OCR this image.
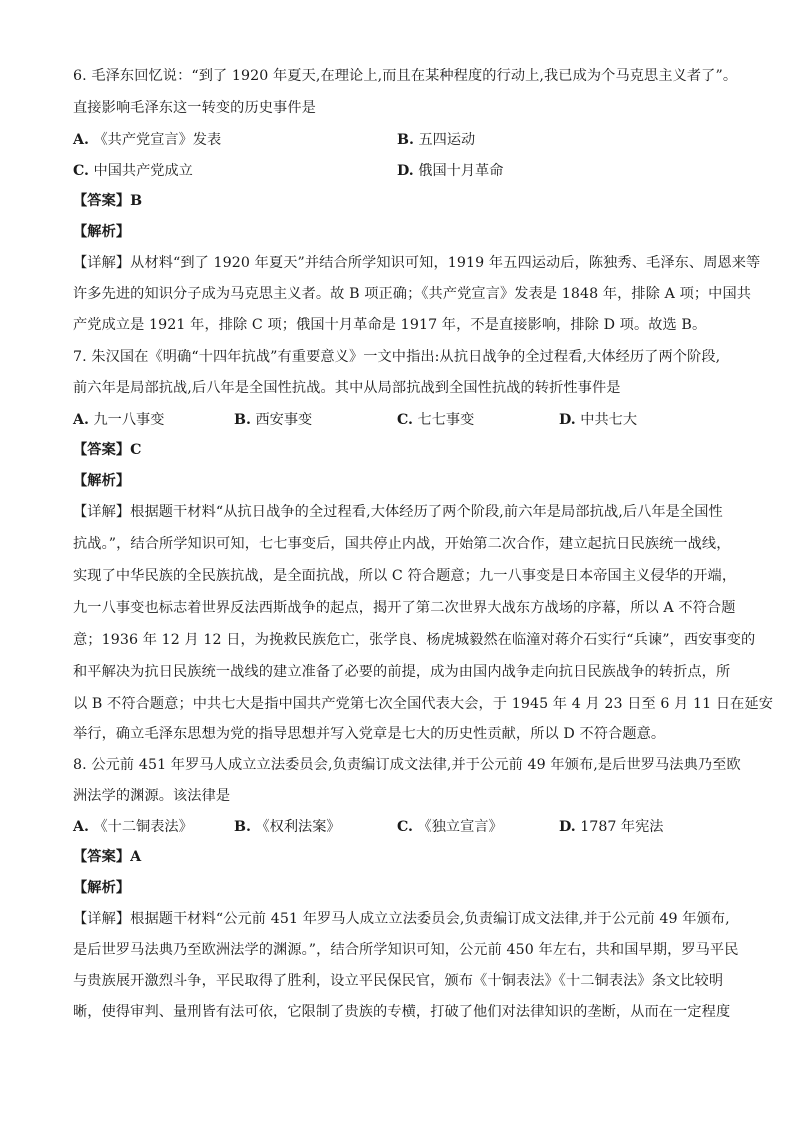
6. 毛泽东回忆说：“到了 1920 年夏天,在理论上,而且在某种程度的行动上,我已成为个马克思主义者了”。
直接影响毛泽东这一转变的历史事件是
A. 《共产党宣言》发表	B. 五四运动
C. 中国共产党成立	D. 俄国十月革命
【答案】B
【解析】
【详解】从材料“到了 1920 年夏天”并结合所学知识可知，1919 年五四运动后，陈独秀、毛泽东、周恩来等
许多先进的知识分子成为马克思主义者。故 B 项正确；《共产党宣言》发表是 1848 年，排除 A 项；中国共
产党成立是 1921 年，排除 C 项；俄国十月革命是 1917 年，不是直接影响，排除 D 项。故选 B。
7. 朱汉国在《明确“十四年抗战”有重要意义》一文中指出:从抗日战争的全过程看,大体经历了两个阶段,
前六年是局部抗战,后八年是全国性抗战。其中从局部抗战到全国性抗战的转折性事件是
A. 九一八事变	B. 西安事变	C. 七七事变	D. 中共七大
【答案】C
【解析】
【详解】根据题干材料“从抗日战争的全过程看,大体经历了两个阶段,前六年是局部抗战,后八年是全国性
抗战。”，结合所学知识可知，七七事变后，国共停止内战，开始第二次合作，建立起抗日民族统一战线，
实现了中华民族的全民族抗战，是全面抗战，所以 C 符合题意；九一八事变是日本帝国主义侵华的开端，
九一八事变也标志着世界反法西斯战争的起点，揭开了第二次世界大战东方战场的序幕，所以 A 不符合题
意；1936 年 12 月 12 日，为挽救民族危亡，张学良、杨虎城毅然在临潼对蒋介石实行“兵谏”，西安事变的
和平解决为抗日民族统一战线的建立准备了必要的前提，成为由国内战争走向抗日民族战争的转折点，所
以 B 不符合题意；中共七大是指中国共产党第七次全国代表大会，于 1945 年 4 月 23 日至 6 月 11 日在延安
举行，确立毛泽东思想为党的指导思想并写入党章是七大的历史性贡献，所以 D 不符合题意。
8. 公元前 451 年罗马人成立立法委员会,负责编订成文法律,并于公元前 49 年颁布,是后世罗马法典乃至欧
洲法学的渊源。该法律是
A. 《十二铜表法》	B. 《权利法案》	C. 《独立宣言》	D. 1787 年宪法
【答案】A
【解析】
【详解】根据题干材料“公元前 451 年罗马人成立立法委员会,负责编订成文法律,并于公元前 49 年颁布,
是后世罗马法典乃至欧洲法学的渊源。”，结合所学知识可知，公元前 450 年左右，共和国早期，罗马平民
与贵族展开激烈斗争，平民取得了胜利，设立平民保民官，颁布《十铜表法》《十二铜表法》条文比较明
晰，使得审判、量刑皆有法可依，它限制了贵族的专横，打破了他们对法律知识的垄断，从而在一定程度
